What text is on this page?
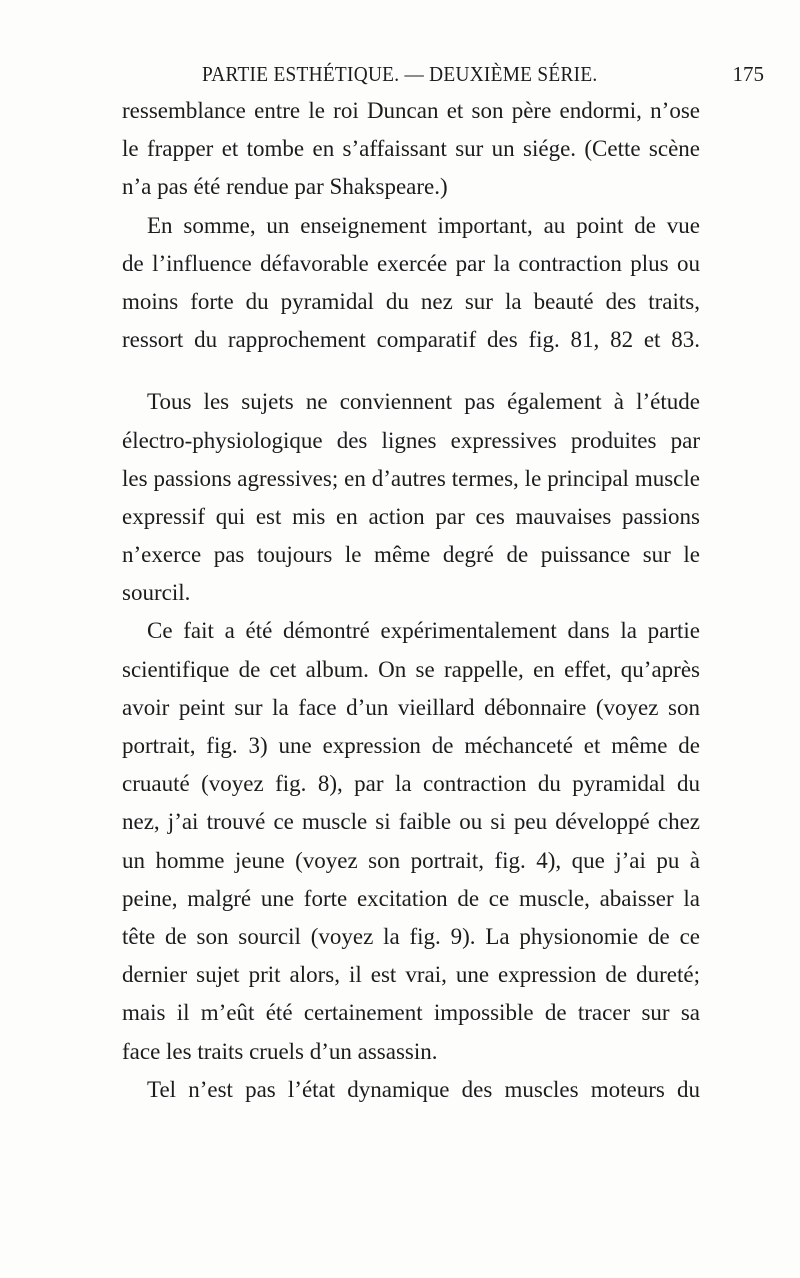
PARTIE ESTHÉTIQUE. — DEUXIÈME SÉRIE.	175
ressemblance entre le roi Duncan et son père endormi, n’ose
le frapper et tombe en s’affaissant sur un siége. (Cette scène
n’a pas été rendue par Shakspeare.)
En somme, un enseignement important, au point de vue
de l’influence défavorable exercée par la contraction plus ou
moins forte du pyramidal du nez sur la beauté des traits,
ressort du rapprochement comparatif des fig. 81, 82 et 83.
Tous les sujets ne conviennent pas également à l’étude
électro-physiologique des lignes expressives produites par
les passions agressives; en d’autres termes, le principal muscle
expressif qui est mis en action par ces mauvaises passions
n’exerce pas toujours le même degré de puissance sur le
sourcil.
Ce fait a été démontré expérimentalement dans la partie
scientifique de cet album. On se rappelle, en effet, qu’après
avoir peint sur la face d’un vieillard débonnaire (voyez son
portrait, fig. 3) une expression de méchanceté et même de
cruauté (voyez fig. 8), par la contraction du pyramidal du
nez, j’ai trouvé ce muscle si faible ou si peu développé chez
un homme jeune (voyez son portrait, fig. 4), que j’ai pu à
peine, malgré une forte excitation de ce muscle, abaisser la
tête de son sourcil (voyez la fig. 9). La physionomie de ce
dernier sujet prit alors, il est vrai, une expression de dureté;
mais il m’eût été certainement impossible de tracer sur sa
face les traits cruels d’un assassin.
Tel n’est pas l’état dynamique des muscles moteurs du
